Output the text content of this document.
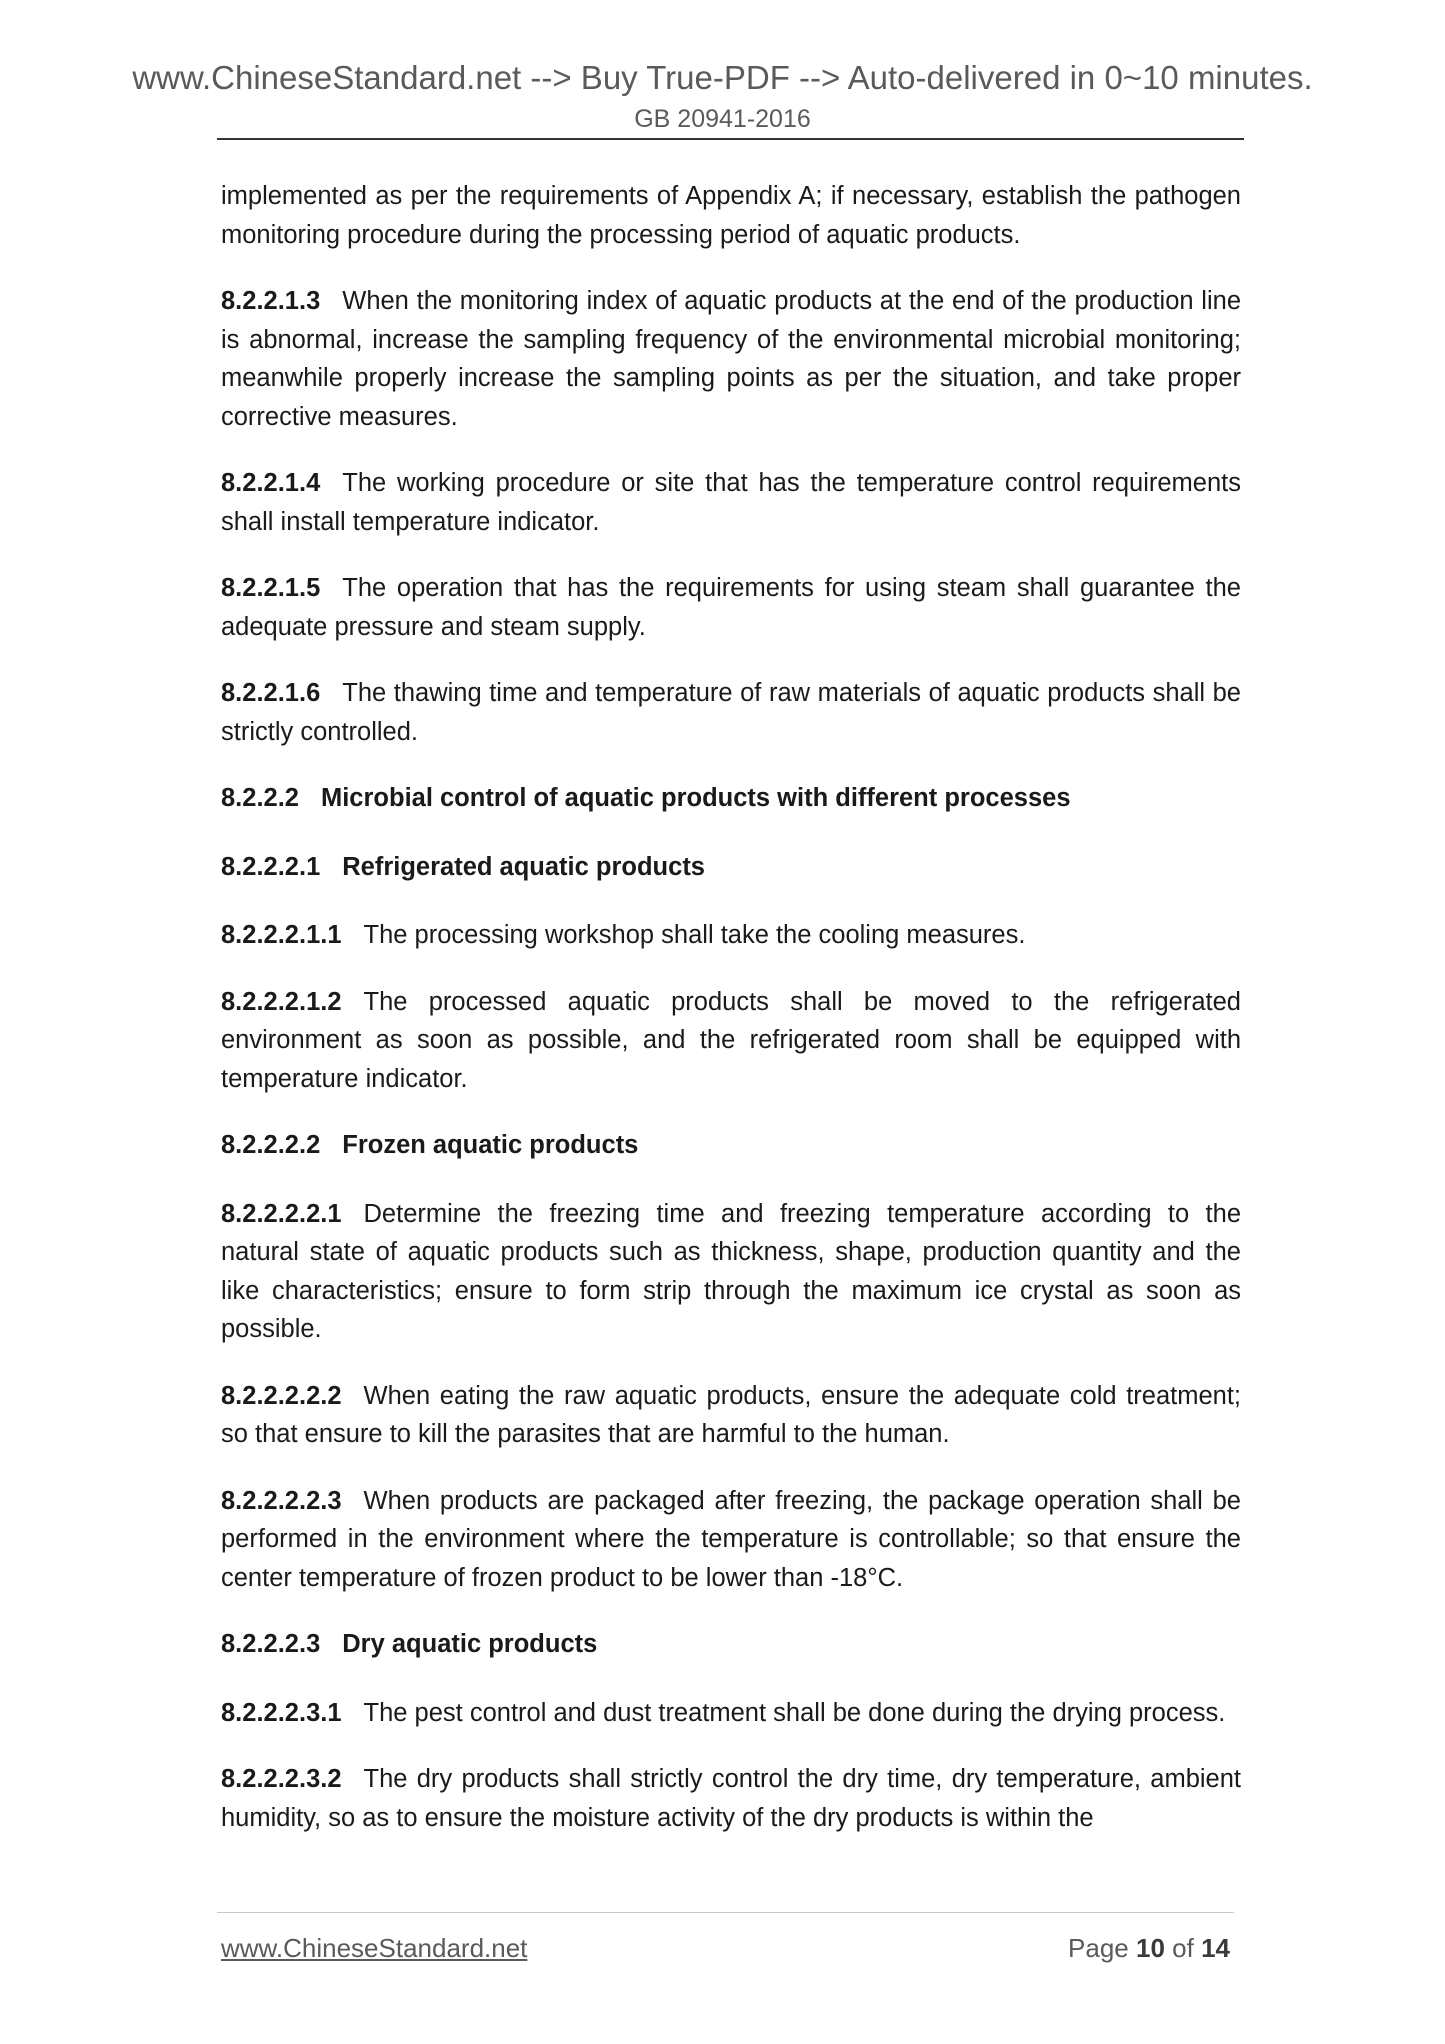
www.ChineseStandard.net --> Buy True-PDF --> Auto-delivered in 0~10 minutes.
GB 20941-2016

implemented as per the requirements of Appendix A; if necessary, establish the pathogen monitoring procedure during the processing period of aquatic products.

8.2.2.1.3 When the monitoring index of aquatic products at the end of the production line is abnormal, increase the sampling frequency of the environmental microbial monitoring; meanwhile properly increase the sampling points as per the situation, and take proper corrective measures.

8.2.2.1.4 The working procedure or site that has the temperature control requirements shall install temperature indicator.

8.2.2.1.5 The operation that has the requirements for using steam shall guarantee the adequate pressure and steam supply.

8.2.2.1.6 The thawing time and temperature of raw materials of aquatic products shall be strictly controlled.

8.2.2.2 Microbial control of aquatic products with different processes

8.2.2.2.1 Refrigerated aquatic products

8.2.2.2.1.1 The processing workshop shall take the cooling measures.

8.2.2.2.1.2 The processed aquatic products shall be moved to the refrigerated environment as soon as possible, and the refrigerated room shall be equipped with temperature indicator.

8.2.2.2.2 Frozen aquatic products

8.2.2.2.2.1 Determine the freezing time and freezing temperature according to the natural state of aquatic products such as thickness, shape, production quantity and the like characteristics; ensure to form strip through the maximum ice crystal as soon as possible.

8.2.2.2.2.2 When eating the raw aquatic products, ensure the adequate cold treatment; so that ensure to kill the parasites that are harmful to the human.

8.2.2.2.2.3 When products are packaged after freezing, the package operation shall be performed in the environment where the temperature is controllable; so that ensure the center temperature of frozen product to be lower than -18°C.

8.2.2.2.3 Dry aquatic products

8.2.2.2.3.1 The pest control and dust treatment shall be done during the drying process.

8.2.2.2.3.2 The dry products shall strictly control the dry time, dry temperature, ambient humidity, so as to ensure the moisture activity of the dry products is within the

www.ChineseStandard.net	Page 10 of 14
